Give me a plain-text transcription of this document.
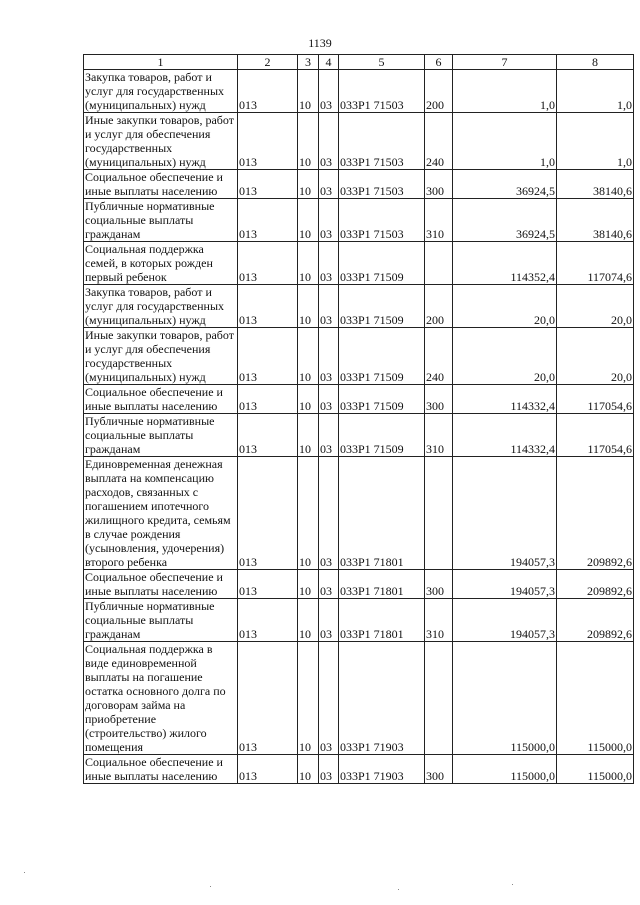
1139
1	2	3	4	5	6	7	8
Закупка товаров, работ и услуг для государственных (муниципальных) нужд	013	10	03	033P1 71503	200	1,0	1,0
Иные закупки товаров, работ и услуг для обеспечения государственных (муниципальных) нужд	013	10	03	033P1 71503	240	1,0	1,0
Социальное обеспечение и иные выплаты населению	013	10	03	033P1 71503	300	36924,5	38140,6
Публичные нормативные социальные выплаты гражданам	013	10	03	033P1 71503	310	36924,5	38140,6
Социальная поддержка семей, в которых рожден первый ребенок	013	10	03	033P1 71509		114352,4	117074,6
Закупка товаров, работ и услуг для государственных (муниципальных) нужд	013	10	03	033P1 71509	200	20,0	20,0
Иные закупки товаров, работ и услуг для обеспечения государственных (муниципальных) нужд	013	10	03	033P1 71509	240	20,0	20,0
Социальное обеспечение и иные выплаты населению	013	10	03	033P1 71509	300	114332,4	117054,6
Публичные нормативные социальные выплаты гражданам	013	10	03	033P1 71509	310	114332,4	117054,6
Единовременная денежная выплата на компенсацию расходов, связанных с погашением ипотечного жилищного кредита, семьям в случае рождения (усыновления, удочерения) второго ребенка	013	10	03	033P1 71801		194057,3	209892,6
Социальное обеспечение и иные выплаты населению	013	10	03	033P1 71801	300	194057,3	209892,6
Публичные нормативные социальные выплаты гражданам	013	10	03	033P1 71801	310	194057,3	209892,6
Социальная поддержка в виде единовременной выплаты на погашение остатка основного долга по договорам займа на приобретение (строительство) жилого помещения	013	10	03	033P1 71903		115000,0	115000,0
Социальное обеспечение и иные выплаты населению	013	10	03	033P1 71903	300	115000,0	115000,0
